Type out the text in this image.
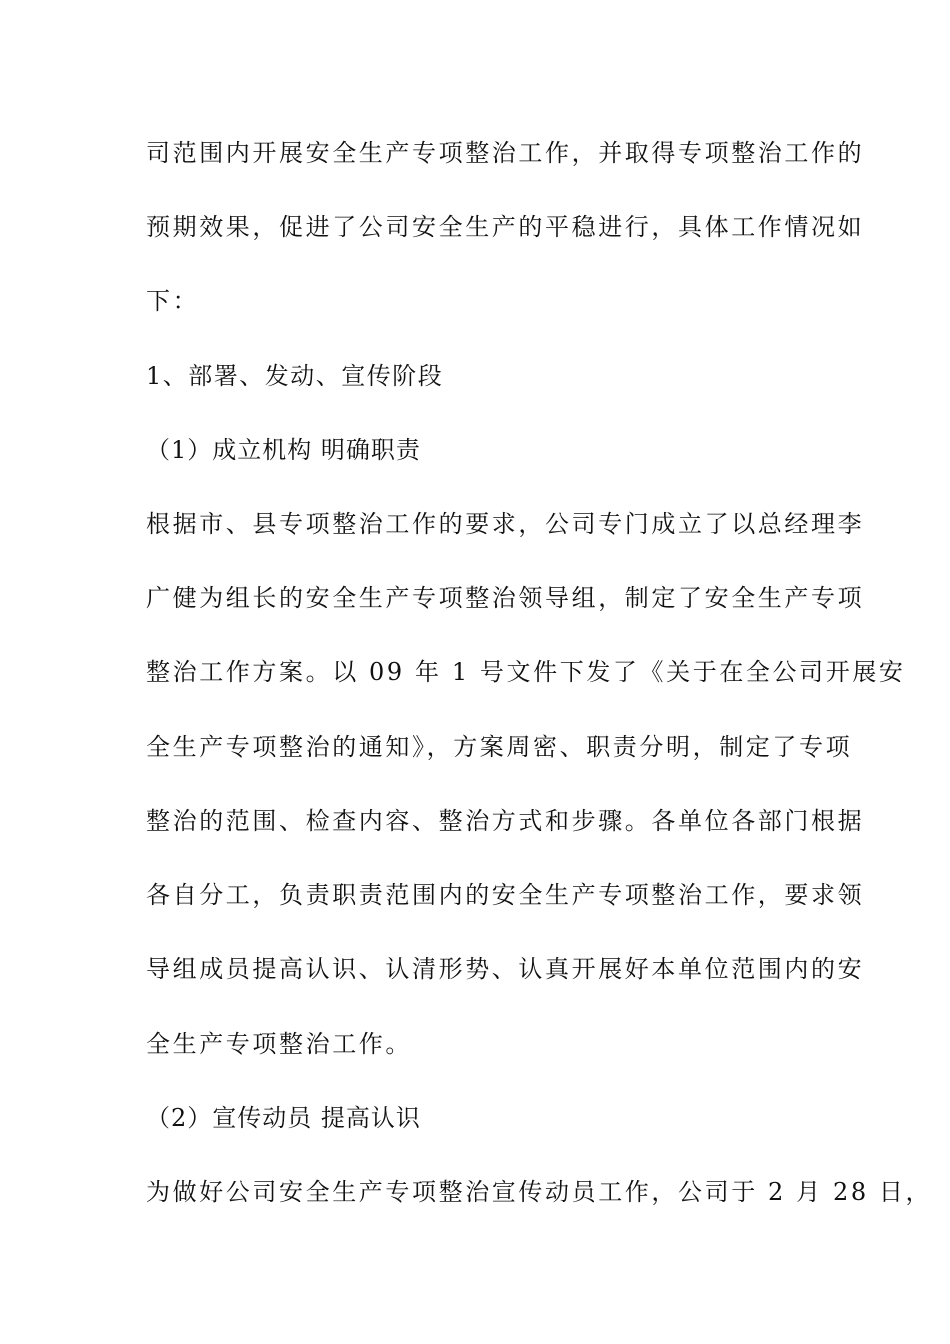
司范围内开展安全生产专项整治工作，并取得专项整治工作的
预期效果，促进了公司安全生产的平稳进行，具体工作情况如
下：
1、部署、发动、宣传阶段
（1）成立机构 明确职责
根据市、县专项整治工作的要求，公司专门成立了以总经理李
广健为组长的安全生产专项整治领导组，制定了安全生产专项
整治工作方案。以 09 年 1 号文件下发了《关于在全公司开展安
全生产专项整治的通知》，方案周密、职责分明，制定了专项
整治的范围、检查内容、整治方式和步骤。各单位各部门根据
各自分工，负责职责范围内的安全生产专项整治工作，要求领
导组成员提高认识、认清形势、认真开展好本单位范围内的安
全生产专项整治工作。
（2）宣传动员 提高认识
为做好公司安全生产专项整治宣传动员工作，公司于 2 月 28 日，
